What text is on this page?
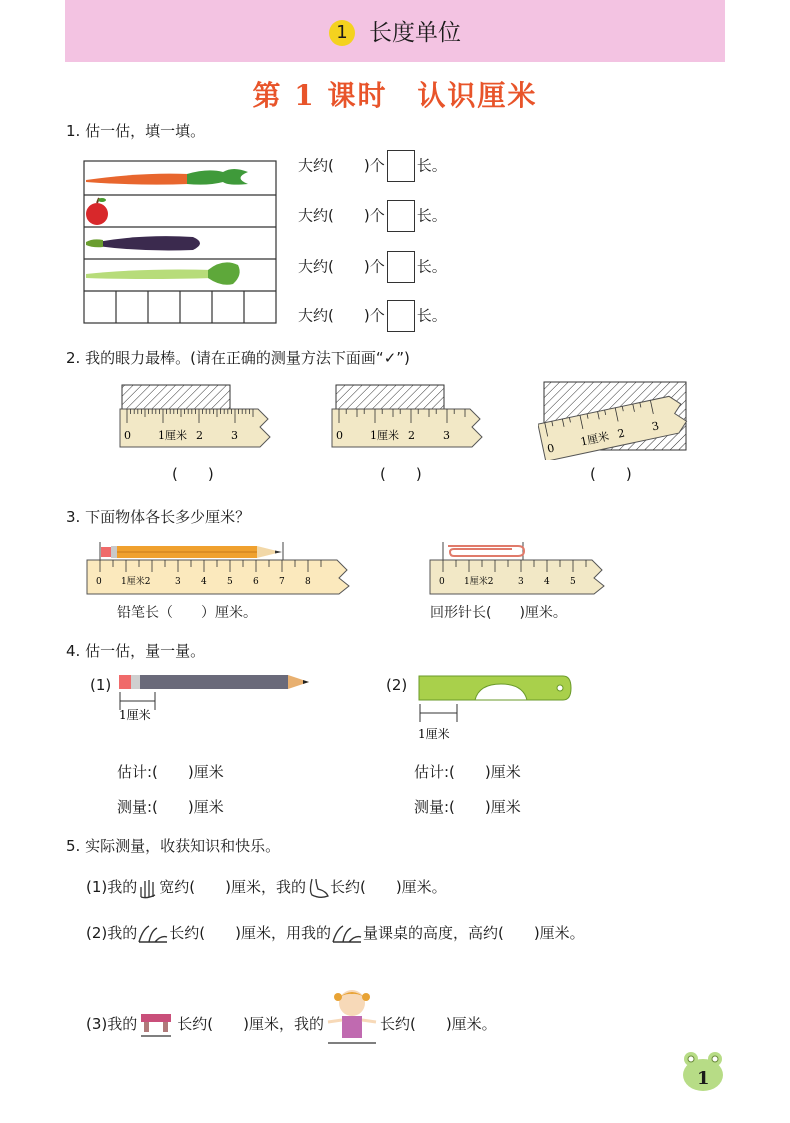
1 长度单位
第 1 课时　认识厘米
1. 估一估，填一填。
大约(　　 )个 长。
大约(　　 )个 长。
大约(　　 )个 长。
大约(　　 )个 长。
2. 我的眼力最棒。(请在正确的测量方法下面画“✓”)
0 1厘米 2	3	0 1厘米 2	3
0 1厘米 2
3
(　　)	(　　)	(　　)
3. 下面物体各长多少厘米？
0 1厘米2	3 4 5 6 7 8	0 1厘米2	3 4 5
铅笔长（　　）厘米。	回形针长(　　)厘米。
4. 估一估，量一量。
(1)
1厘米
(2)
1厘米
估计:(　　)厘米
测量:(　　)厘米
估计:(　　)厘米
测量:(　　)厘米
5. 实际测量，收获知识和快乐。
(1)我的 宽约(　　)厘米，我的 长约(　　)厘米。
(2)我的 长约(　　)厘米，用我的 量课桌的高度，高约(　　)厘米。
(3)我的	长约(　　)厘米，我的	长约(　　)厘米。
1
